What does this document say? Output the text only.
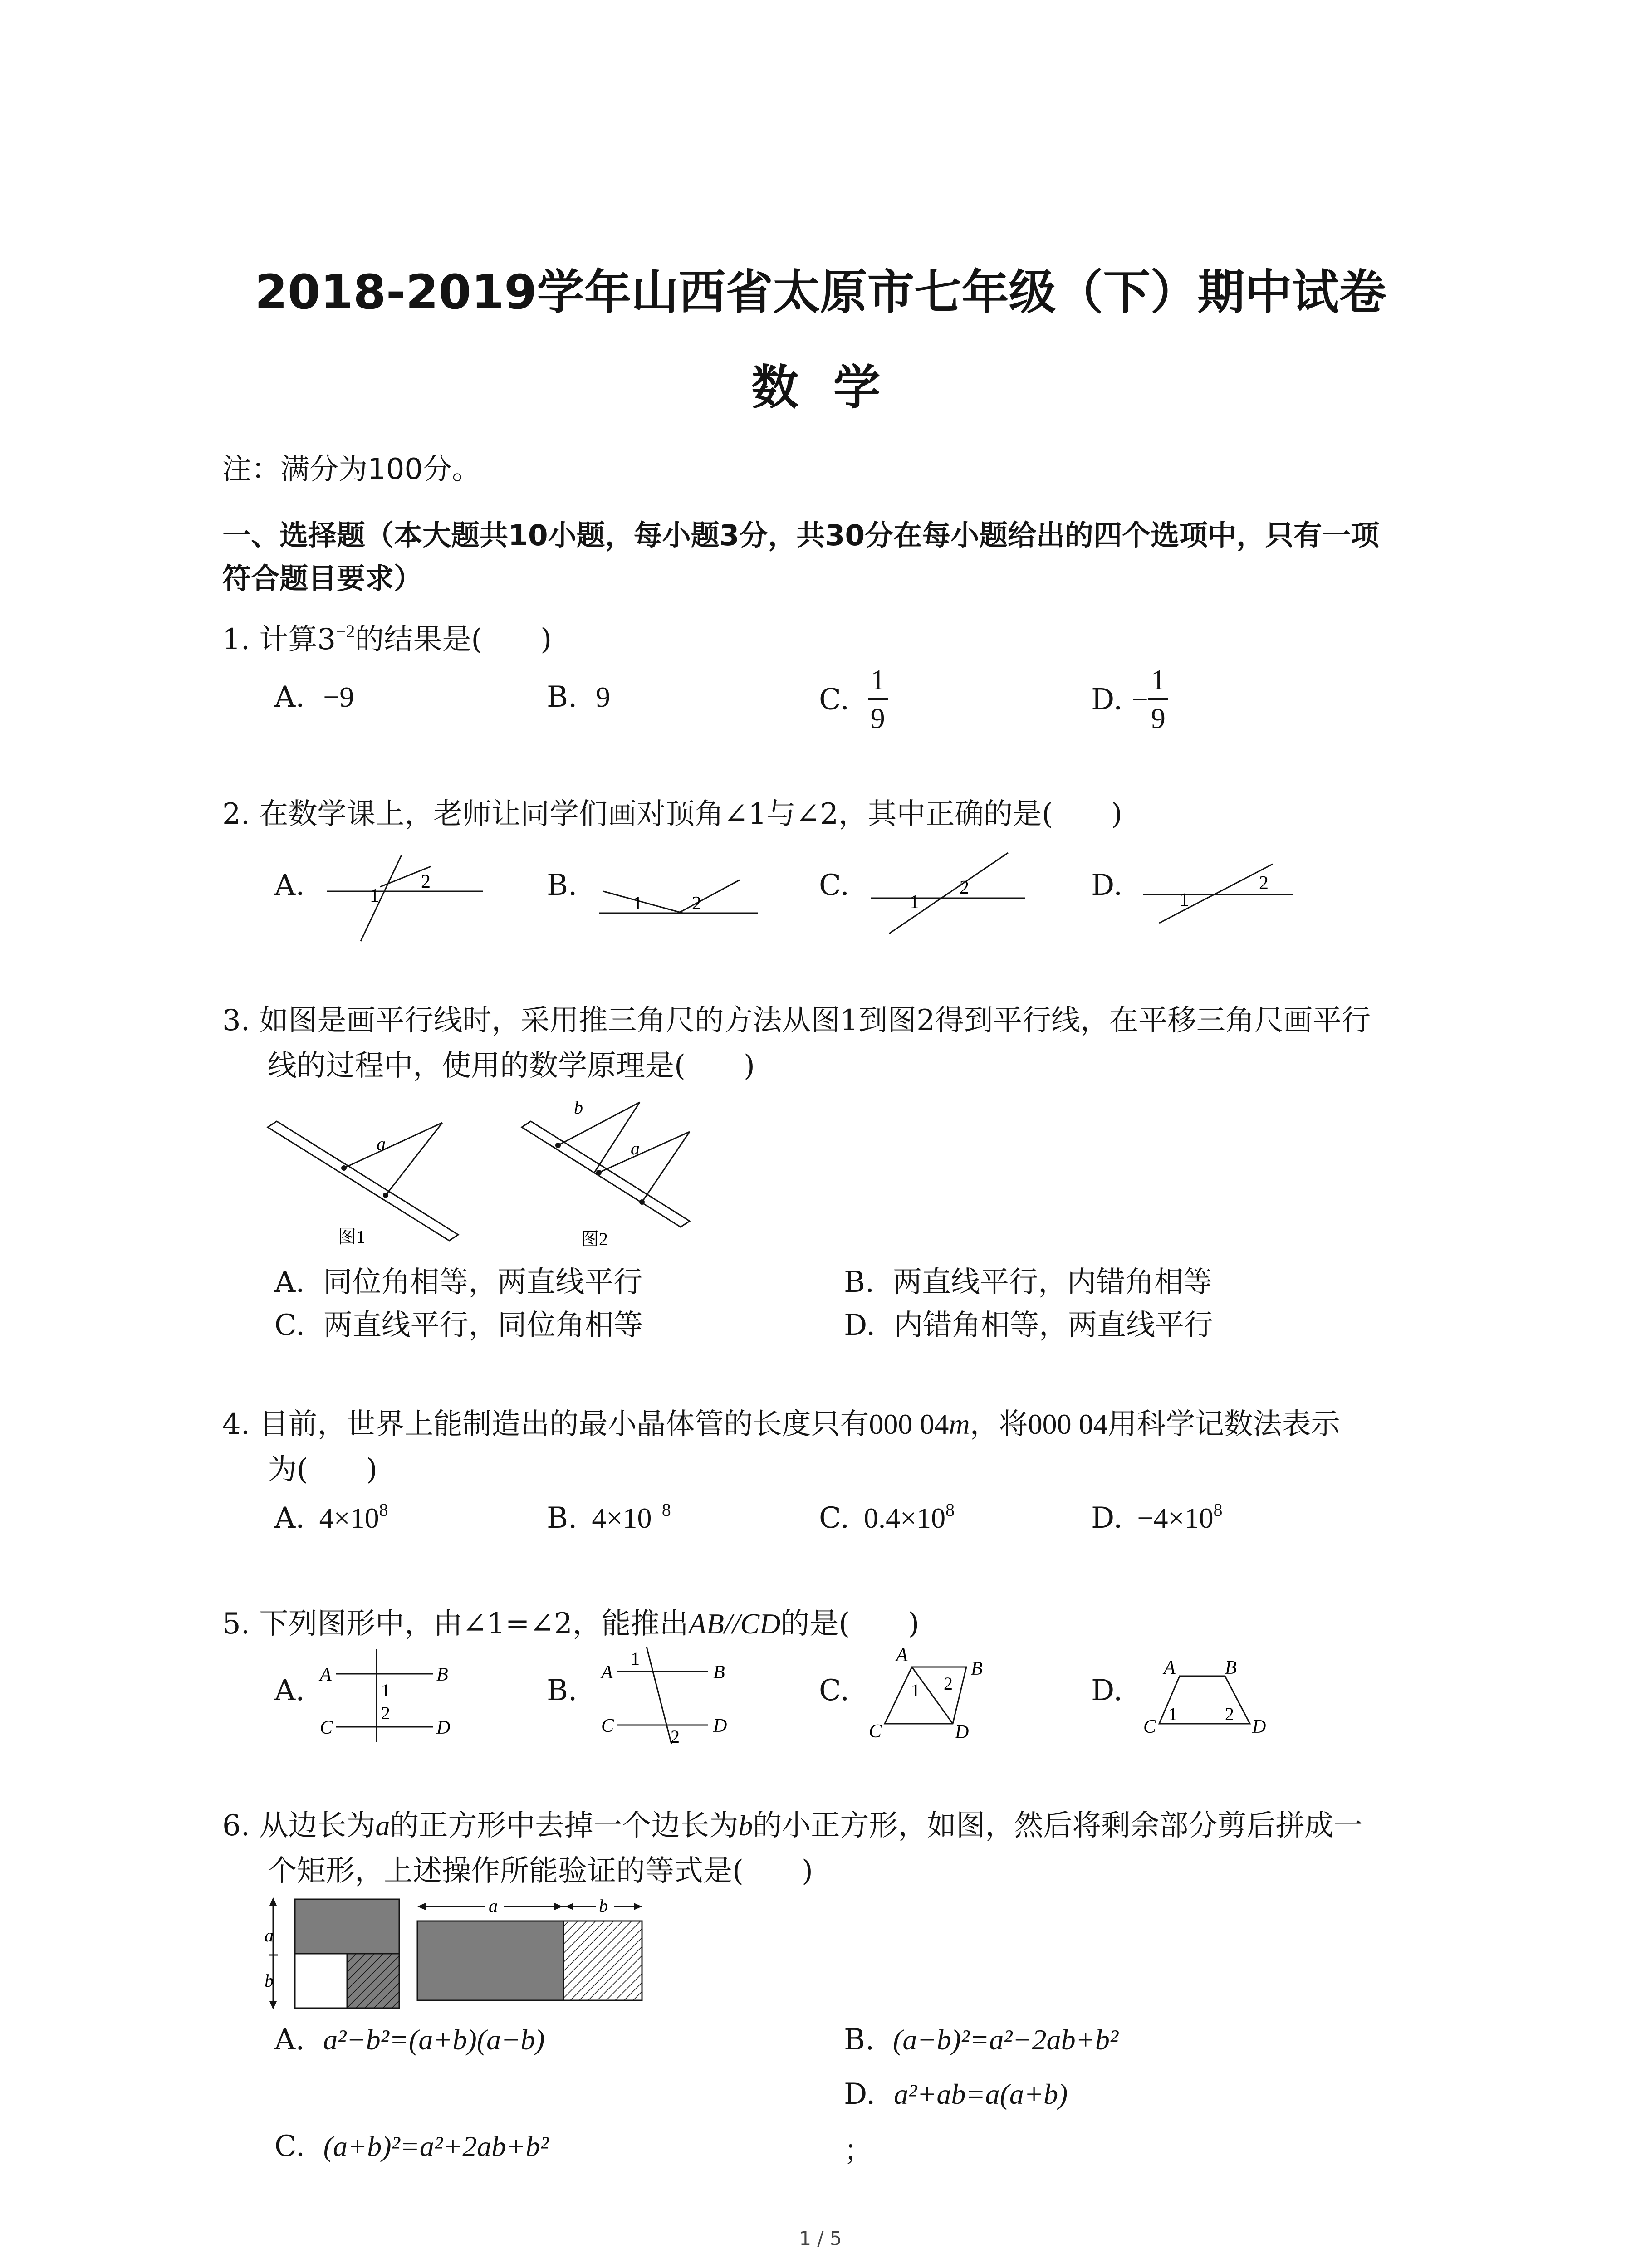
2018-2019学年山西省太原市七年级（下）期中试卷
数 学
注：满分为100分。
一、选择题（本大题共10小题，每小题3分，共30分在每小题给出的四个选项中，只有一项
符合题目要求）
1. 计算$3^{-2}$的结果是(　　)
A. −9	B. 9	C. $\frac{1}{9}$	D. − $\frac{1}{9}$
2. 在数学课上，老师让同学们画对顶角∠1与∠2，其中正确的是(　　)
A.	1
2	B.
1	2
C.	1
2	D.	1
2
3. 如图是画平行线时，采用推三角尺的方法从图1到图2得到平行线，在平移三角尺画平行
线的过程中，使用的数学原理是(　　)
a
图1
b
a
图2
A. 同位角相等，两直线平行	B. 两直线平行，内错角相等
C. 两直线平行，同位角相等	D. 内错角相等，两直线平行
4. 目前，世界上能制造出的最小晶体管的长度只有000 04m，将000 04用科学记数法表示
为(　　)
A. $4\times 10^8$	B. $4\times 10^{-8}$	C. $0.4\times 10^8$	D. $-4\times 10^8$
5. 下列图形中，由∠1=∠2，能推出AB//CD的是(　　)
A. A	B
C	D
1
2
B.
A	B
C	D
1
2
C.
A
B
C	D
1 2	D.
A	B
C	D
1	2
6. 从边长为a的正方形中去掉一个边长为b的小正方形，如图，然后将剩余部分剪后拼成一
个矩形，上述操作所能验证的等式是(　　)
a
b
a	b
A. a²−b²=(a+b)(a−b)	B. (a−b)²=a²−2ab+b²
D. a²+ab=a(a+b)
C. (a+b)²=a²+2ab+b²	；
1 / 5
